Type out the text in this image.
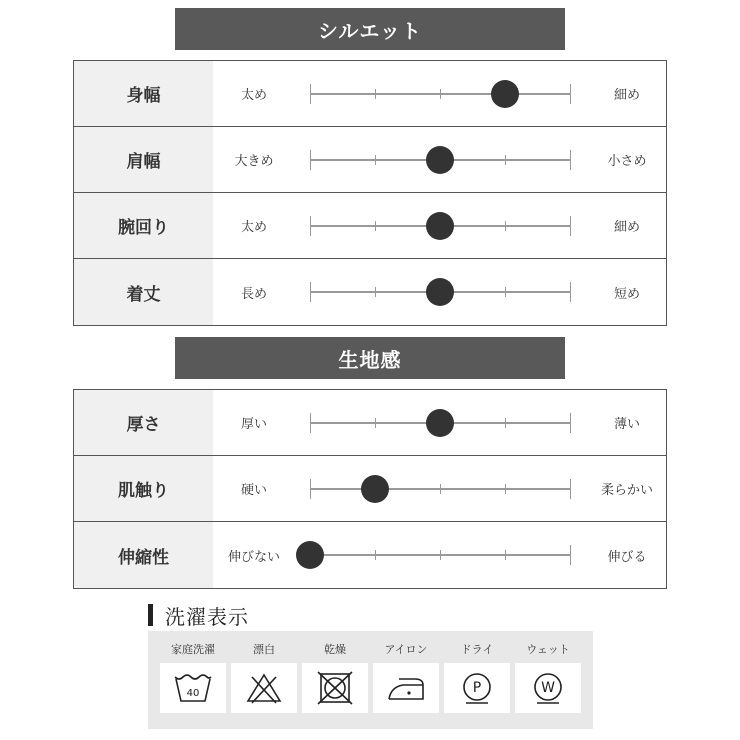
シルエット
身幅	太め	細め
肩幅	大きめ	小さめ
腕回り	太め	細め
着丈	長め	短め
生地感
厚さ	厚い	薄い
肌触り	硬い	柔らかい
伸縮性	伸びない	伸びる
洗濯表示
家庭洗濯
40
漂白	乾燥	アイロン	ドライ
P
ウェット
W
